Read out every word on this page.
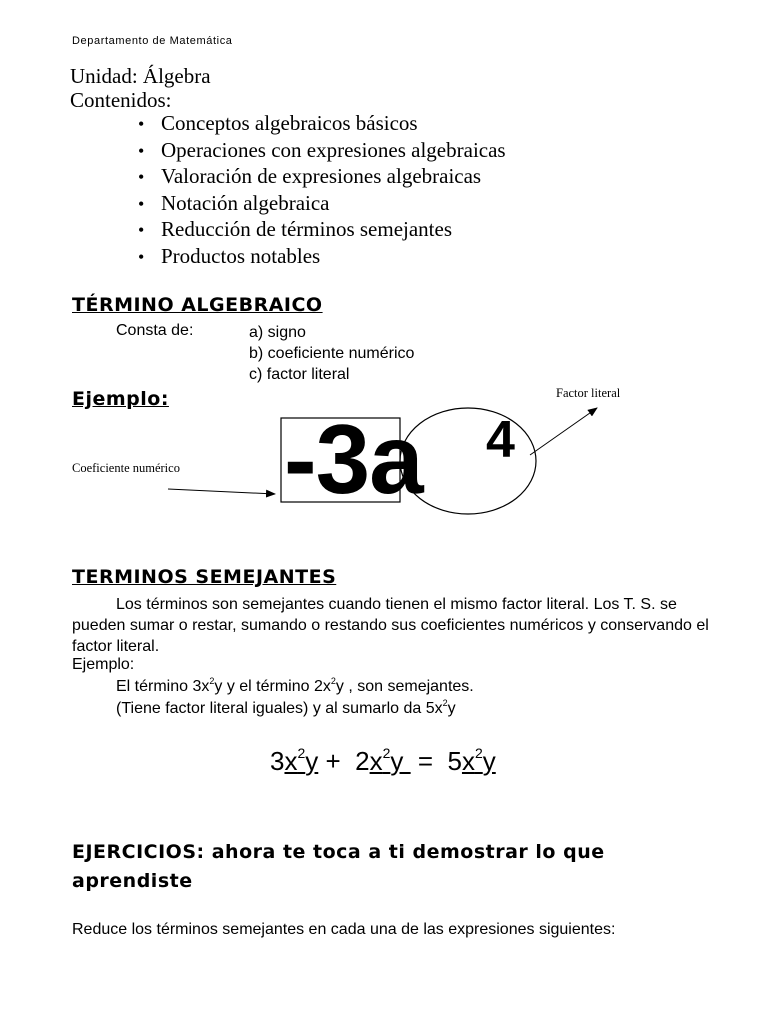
Departamento de Matemática
Unidad: Álgebra
Contenidos:
• Conceptos algebraicos básicos
• Operaciones con expresiones algebraicas
• Valoración de expresiones algebraicas
• Notación algebraica
• Reducción de términos semejantes
• Productos notables
TÉRMINO ALGEBRAICO
Consta de:	a) signo
b) coeficiente numérico
c) factor literal
Ejemplo:	Factor literal
Coeficiente numérico -3a 4
TERMINOS SEMEJANTES

Los términos son semejantes cuando tienen el mismo factor literal. Los T. S. se pueden sumar o restar, sumando o restando sus coeficientes numéricos y conservando el factor literal.

Ejemplo:
El término $3x^2y$ y el término $2x^2y$ , son semejantes.
(Tiene factor literal iguales) y al sumarlo da $5x^2y$
$3x^2y + 2x^2y = 5x^2y$
EJERCICIOS: ahora te toca a ti demostrar lo que
aprendiste
Reduce los términos semejantes en cada una de las expresiones siguientes:
